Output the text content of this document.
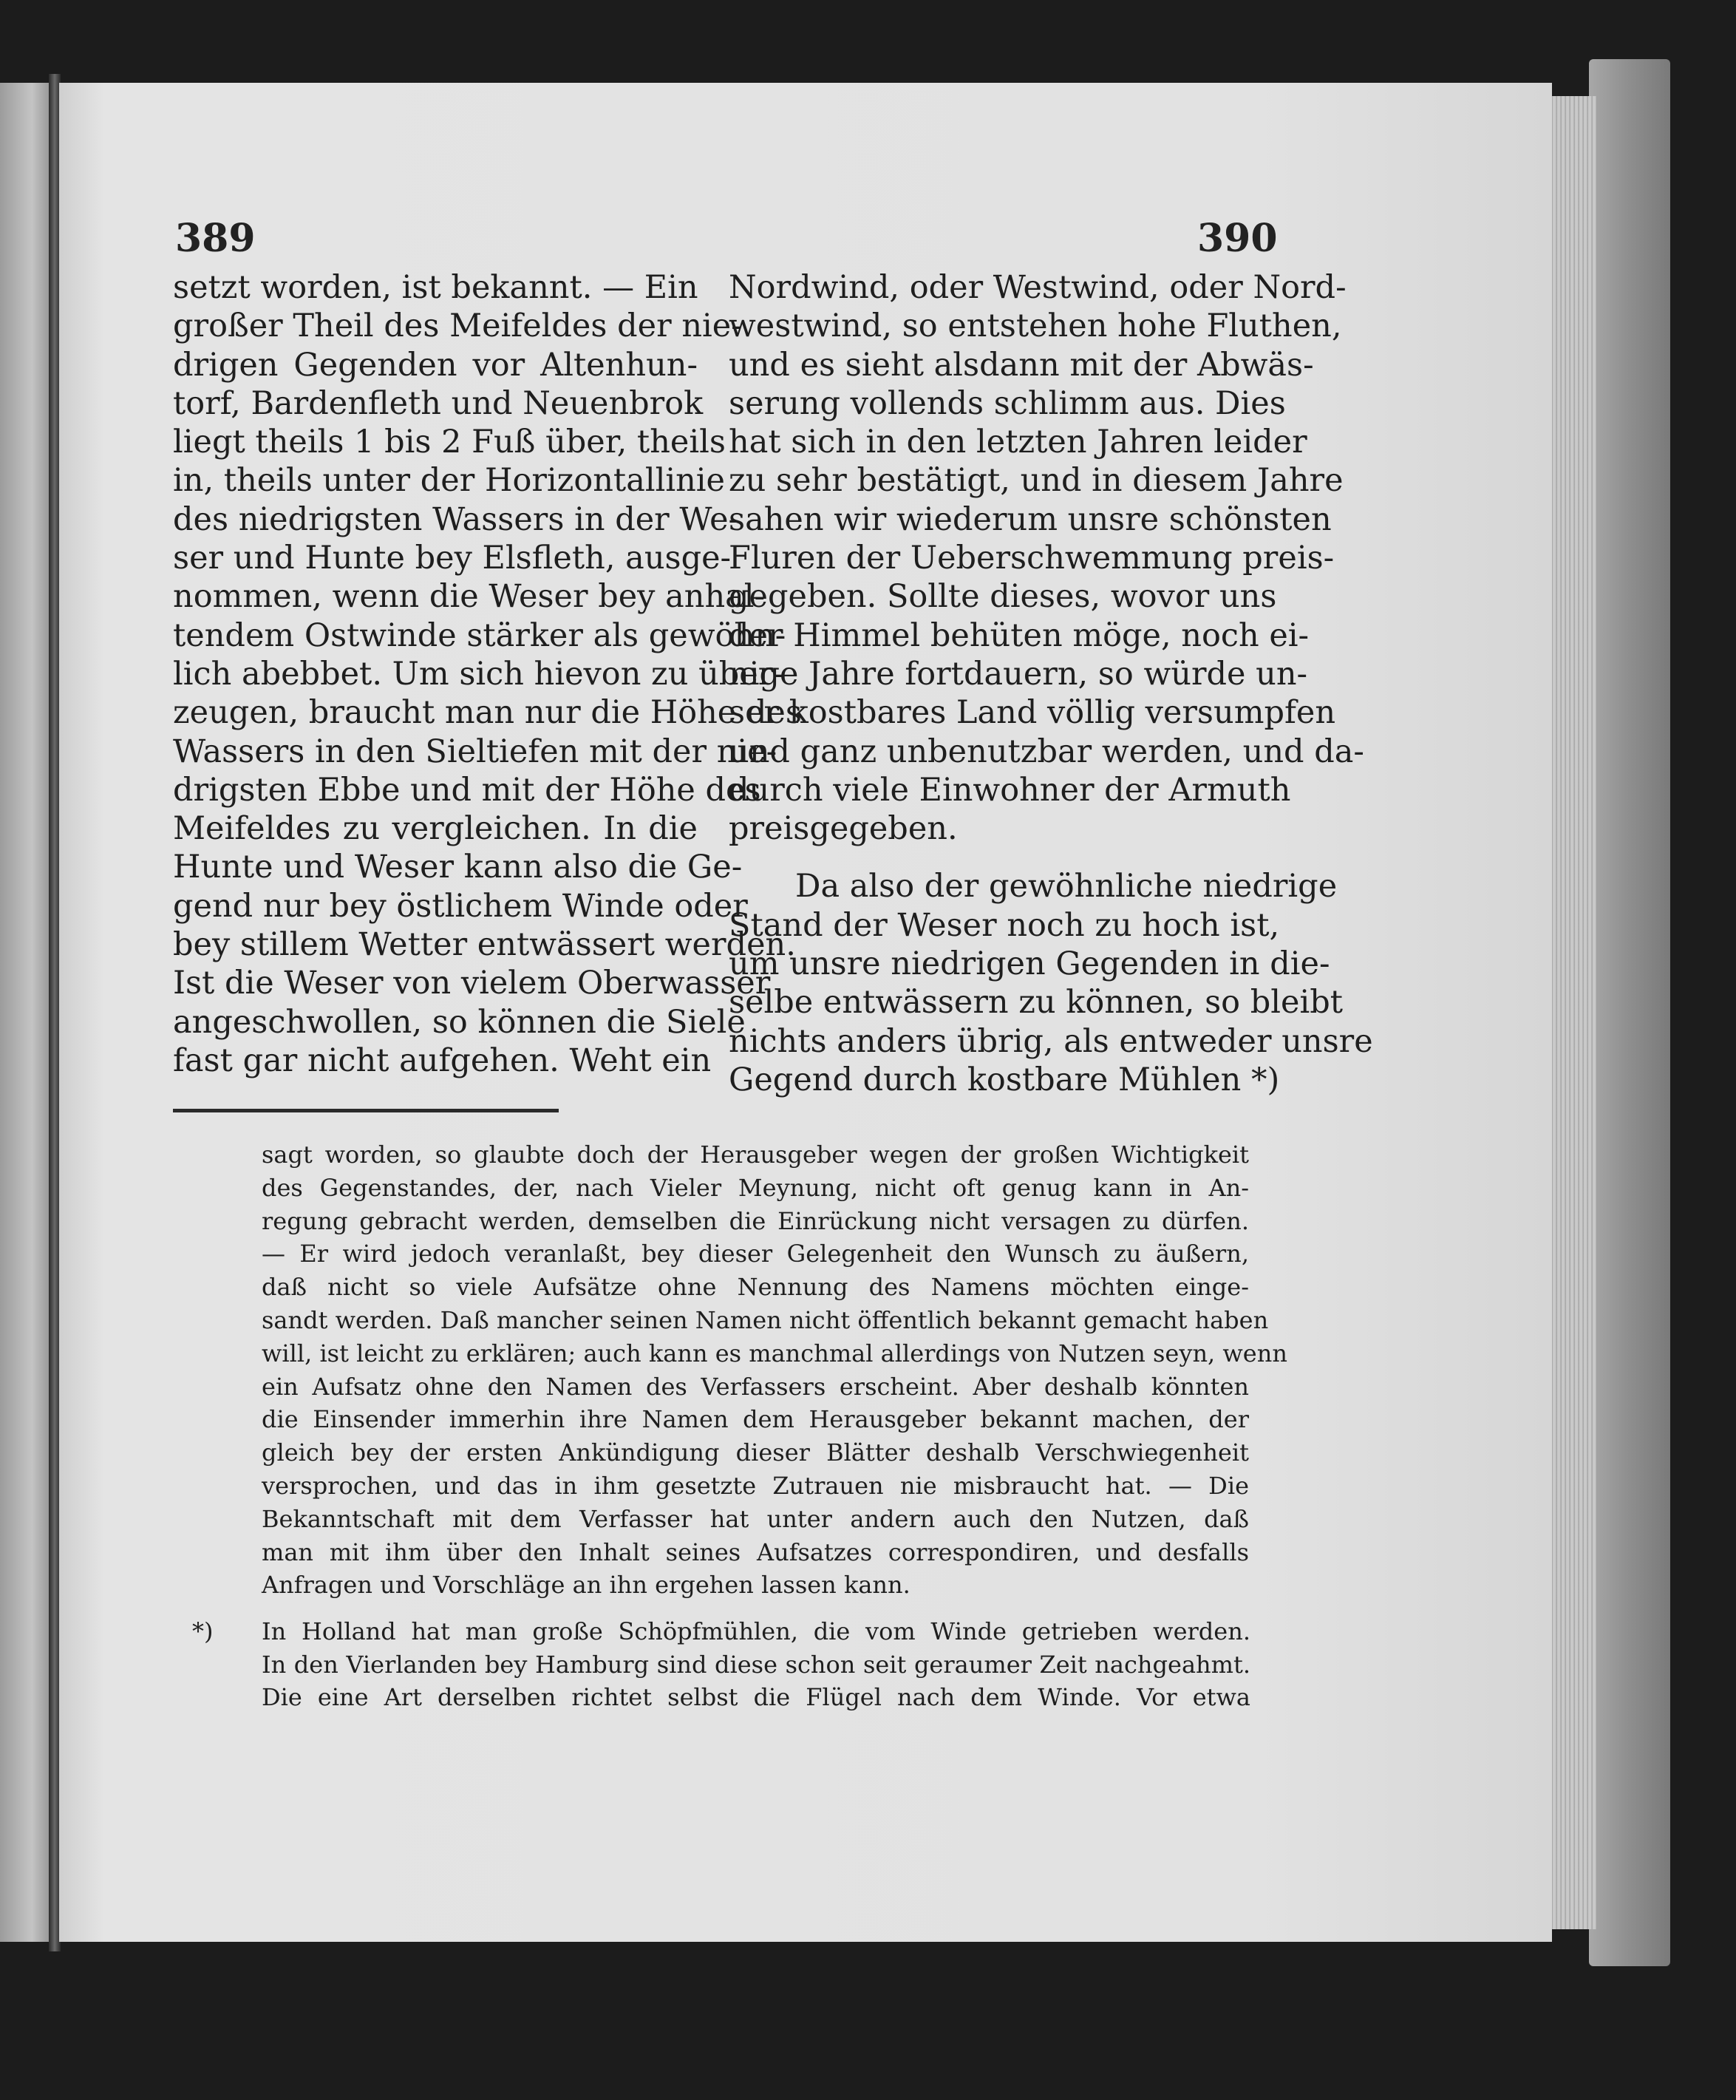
389	390
setzt worden, ist bekannt. — Ein
großer Theil des Meifeldes der nie-
drigen Gegenden vor Altenhun-
torf, Bardenfleth und Neuenbrok
liegt theils 1 bis 2 Fuß über, theils
in, theils unter der Horizontallinie
des niedrigsten Wassers in der We-
ser und Hunte bey Elsfleth, ausge-
nommen, wenn die Weser bey anhal-
tendem Ostwinde stärker als gewöhn-
lich abebbet. Um sich hievon zu über-
zeugen, braucht man nur die Höhe des
Wassers in den Sieltiefen mit der nie-
drigsten Ebbe und mit der Höhe des
Meifeldes zu vergleichen. In die
Hunte und Weser kann also die Ge-
gend nur bey östlichem Winde oder
bey stillem Wetter entwässert werden.
Ist die Weser von vielem Oberwasser
angeschwollen, so können die Siele
fast gar nicht aufgehen. Weht ein
Nordwind, oder Westwind, oder Nord-
westwind, so entstehen hohe Fluthen,
und es sieht alsdann mit der Abwäs-
serung vollends schlimm aus. Dies
hat sich in den letzten Jahren leider
zu sehr bestätigt, und in diesem Jahre
sahen wir wiederum unsre schönsten
Fluren der Ueberschwemmung preis-
gegeben. Sollte dieses, wovor uns
der Himmel behüten möge, noch ei-
nige Jahre fortdauern, so würde un-
ser kostbares Land völlig versumpfen
und ganz unbenutzbar werden, und da-
durch viele Einwohner der Armuth
preisgegeben.
Da also der gewöhnliche niedrige
Stand der Weser noch zu hoch ist,
um unsre niedrigen Gegenden in die-
selbe entwässern zu können, so bleibt
nichts anders übrig, als entweder unsre
Gegend durch kostbare Mühlen *)
sagt worden, so glaubte doch der Herausgeber wegen der großen Wichtigkeit
des Gegenstandes, der, nach Vieler Meynung, nicht oft genug kann in An-
regung gebracht werden, demselben die Einrückung nicht versagen zu dürfen.
— Er wird jedoch veranlaßt, bey dieser Gelegenheit den Wunsch zu äußern,
daß nicht so viele Aufsätze ohne Nennung des Namens möchten einge-
sandt werden. Daß mancher seinen Namen nicht öffentlich bekannt gemacht haben
will, ist leicht zu erklären; auch kann es manchmal allerdings von Nutzen seyn, wenn
ein Aufsatz ohne den Namen des Verfassers erscheint. Aber deshalb könnten
die Einsender immerhin ihre Namen dem Herausgeber bekannt machen, der
gleich bey der ersten Ankündigung dieser Blätter deshalb Verschwiegenheit
versprochen, und das in ihm gesetzte Zutrauen nie misbraucht hat. — Die
Bekanntschaft mit dem Verfasser hat unter andern auch den Nutzen, daß
man mit ihm über den Inhalt seines Aufsatzes correspondiren, und desfalls
Anfragen und Vorschläge an ihn ergehen lassen kann.
*) In Holland hat man große Schöpfmühlen, die vom Winde getrieben werden.
In den Vierlanden bey Hamburg sind diese schon seit geraumer Zeit nachgeahmt.
Die eine Art derselben richtet selbst die Flügel nach dem Winde. Vor etwa
